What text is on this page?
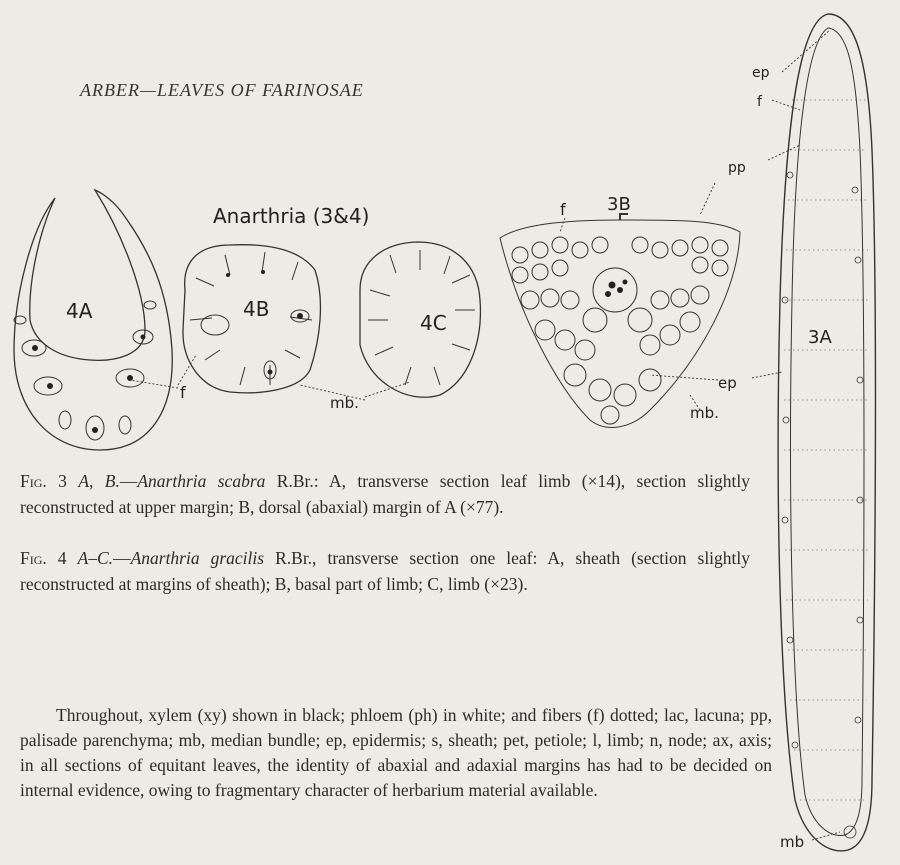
ARBER—LEAVES OF FARINOSAE
Anarthria (3&4)
4A	4B
4C
3B
3A
f
f
mb.
mb.
ep
ep
f
pp
mb
Fig. 3 A, B.—Anarthria scabra R.Br.: A, transverse section leaf limb (×14), section slightly reconstructed at upper margin; B, dorsal (abaxial) margin of A (×77).
Fig. 4 A–C.—Anarthria gracilis R.Br., transverse section one leaf: A, sheath (section slightly reconstructed at margins of sheath); B, basal part of limb; C, limb (×23).
Throughout, xylem (xy) shown in black; phloem (ph) in white; and fibers (f) dotted; lac, lacuna; pp, palisade parenchyma; mb, median bundle; ep, epidermis; s, sheath; pet, petiole; l, limb; n, node; ax, axis; in all sections of equitant leaves, the identity of abaxial and adaxial margins has had to be decided on internal evidence, owing to fragmentary character of herbarium material available.
